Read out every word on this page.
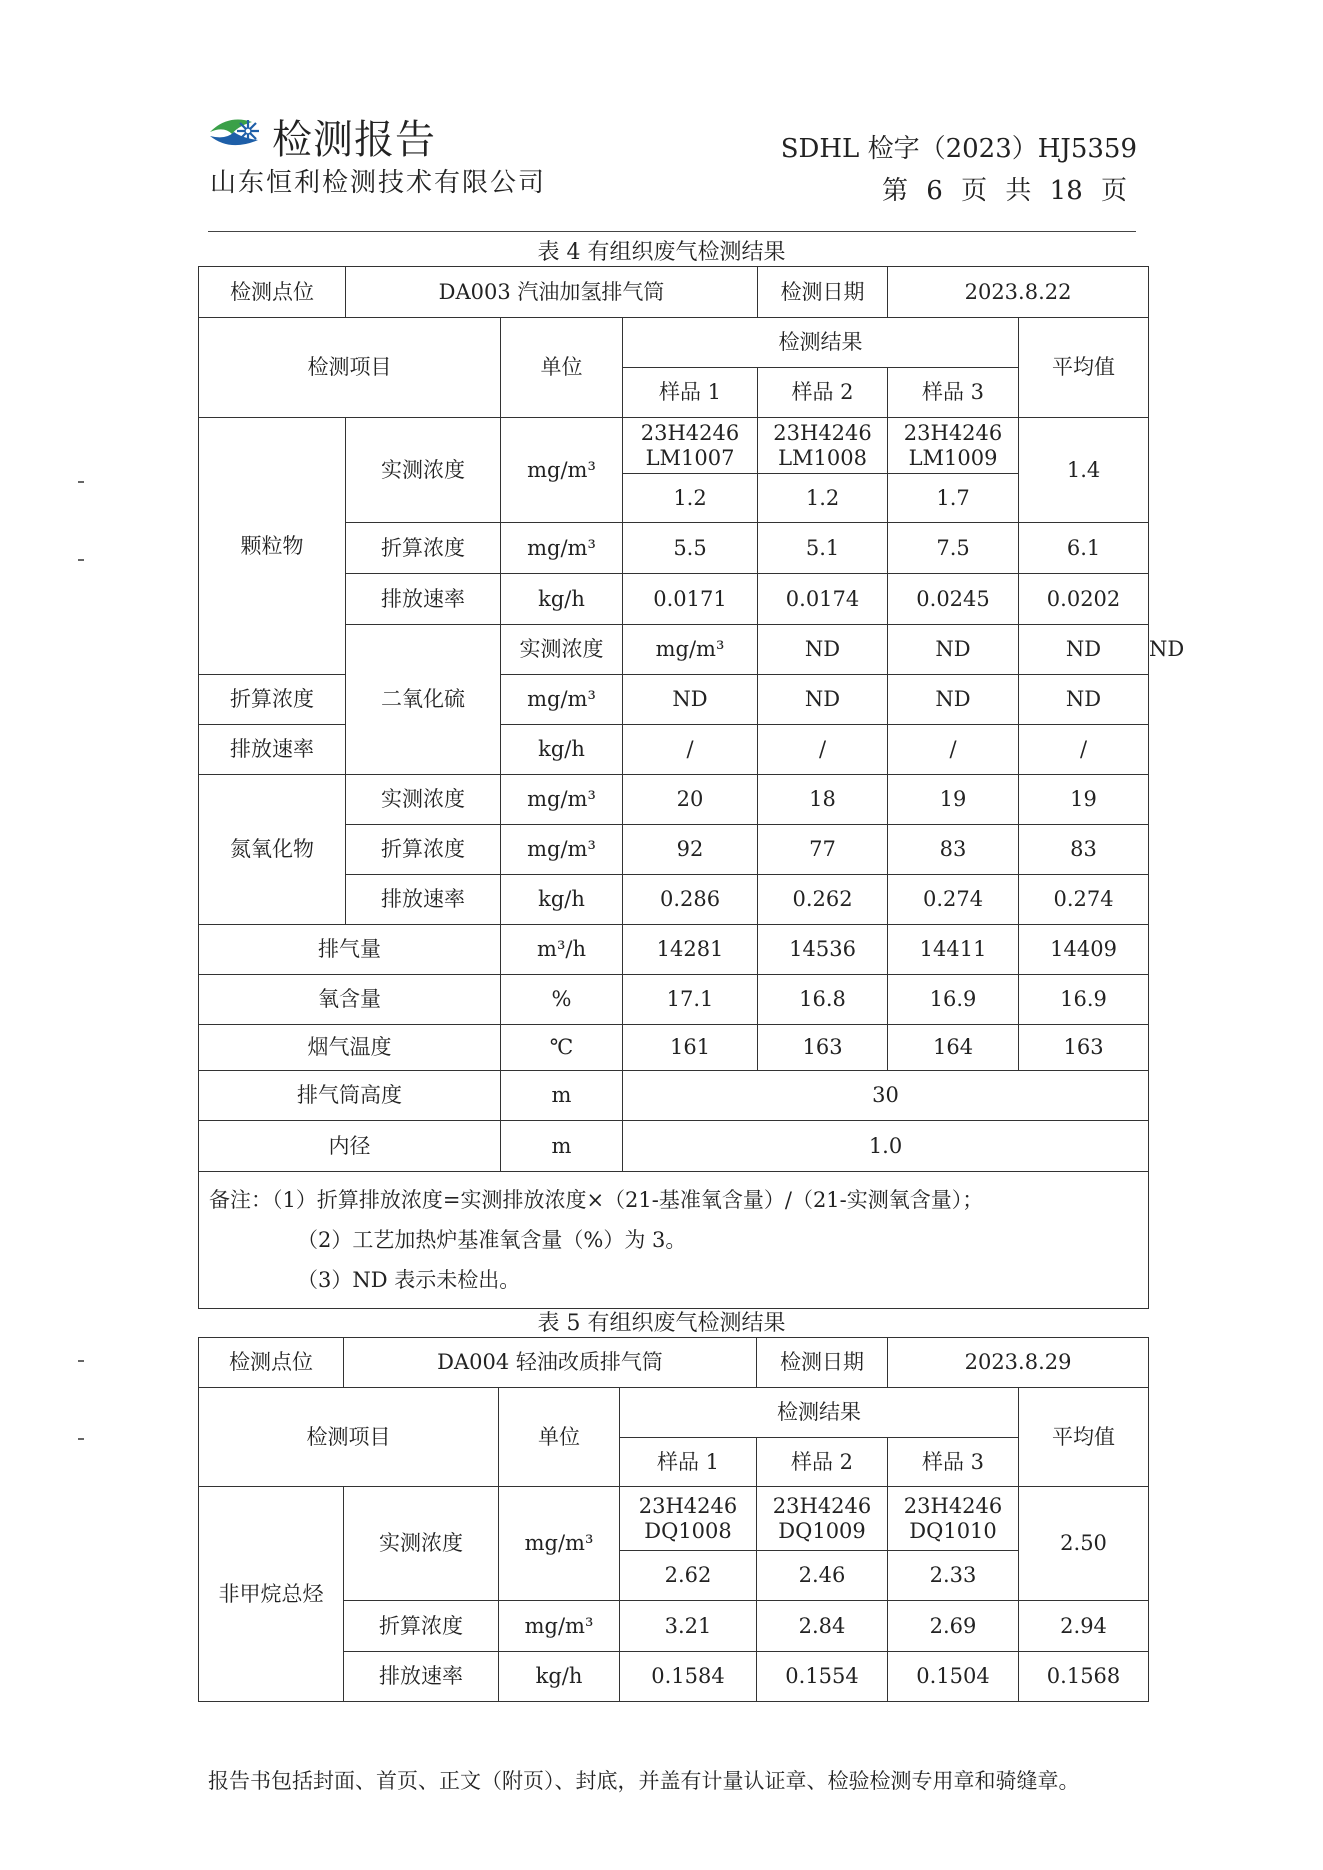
检测报告
山东恒利检测技术有限公司
SDHL 检字（2023）HJ5359
第 6 页 共 18 页
表 4 有组织废气检测结果
检测点位	DA003 汽油加氢排气筒			检测日期	2023.8.22		
检测项目		单位	检测结果			平均值	
			样品 1	样品 2	样品 3		
颗粒物	实测浓度	mg/m³	23H4246 LM1007	23H4246 LM1008	23H4246 LM1009	1.4	
			1.2	1.2	1.7		
	折算浓度	mg/m³	5.5	5.1	7.5	6.1	
	排放速率	kg/h	0.0171	0.0174	0.0245	0.0202	
	二氧化硫	实测浓度	mg/m³	ND	ND	ND	ND
折算浓度		mg/m³	ND	ND	ND	ND	
排放速率		kg/h	/	/	/	/	
氮氧化物	实测浓度	mg/m³	20	18	19	19	
	折算浓度	mg/m³	92	77	83	83	
	排放速率	kg/h	0.286	0.262	0.274	0.274	
排气量		m³/h	14281	14536	14411	14409	
氧含量		%	17.1	16.8	16.9	16.9	
烟气温度		℃	161	163	164	163	
排气筒高度		m	30				
内径		m	1.0				

备注：（1）折算排放浓度=实测排放浓度×（21-基准氧含量）/（21-实测氧含量）；
（2）工艺加热炉基准氧含量（%）为 3。
（3）ND 表示未检出。							
表 5 有组织废气检测结果
检测点位	DA004 轻油改质排气筒			检测日期	2023.8.29	
检测项目		单位	检测结果			平均值
			样品 1	样品 2	样品 3	
非甲烷总烃	实测浓度	mg/m³	23H4246 DQ1008	23H4246 DQ1009	23H4246 DQ1010	2.50
			2.62	2.46	2.33	
	折算浓度	mg/m³	3.21	2.84	2.69	2.94
	排放速率	kg/h	0.1584	0.1554	0.1504	0.1568
报告书包括封面、首页、正文（附页）、封底，并盖有计量认证章、检验检测专用章和骑缝章。
